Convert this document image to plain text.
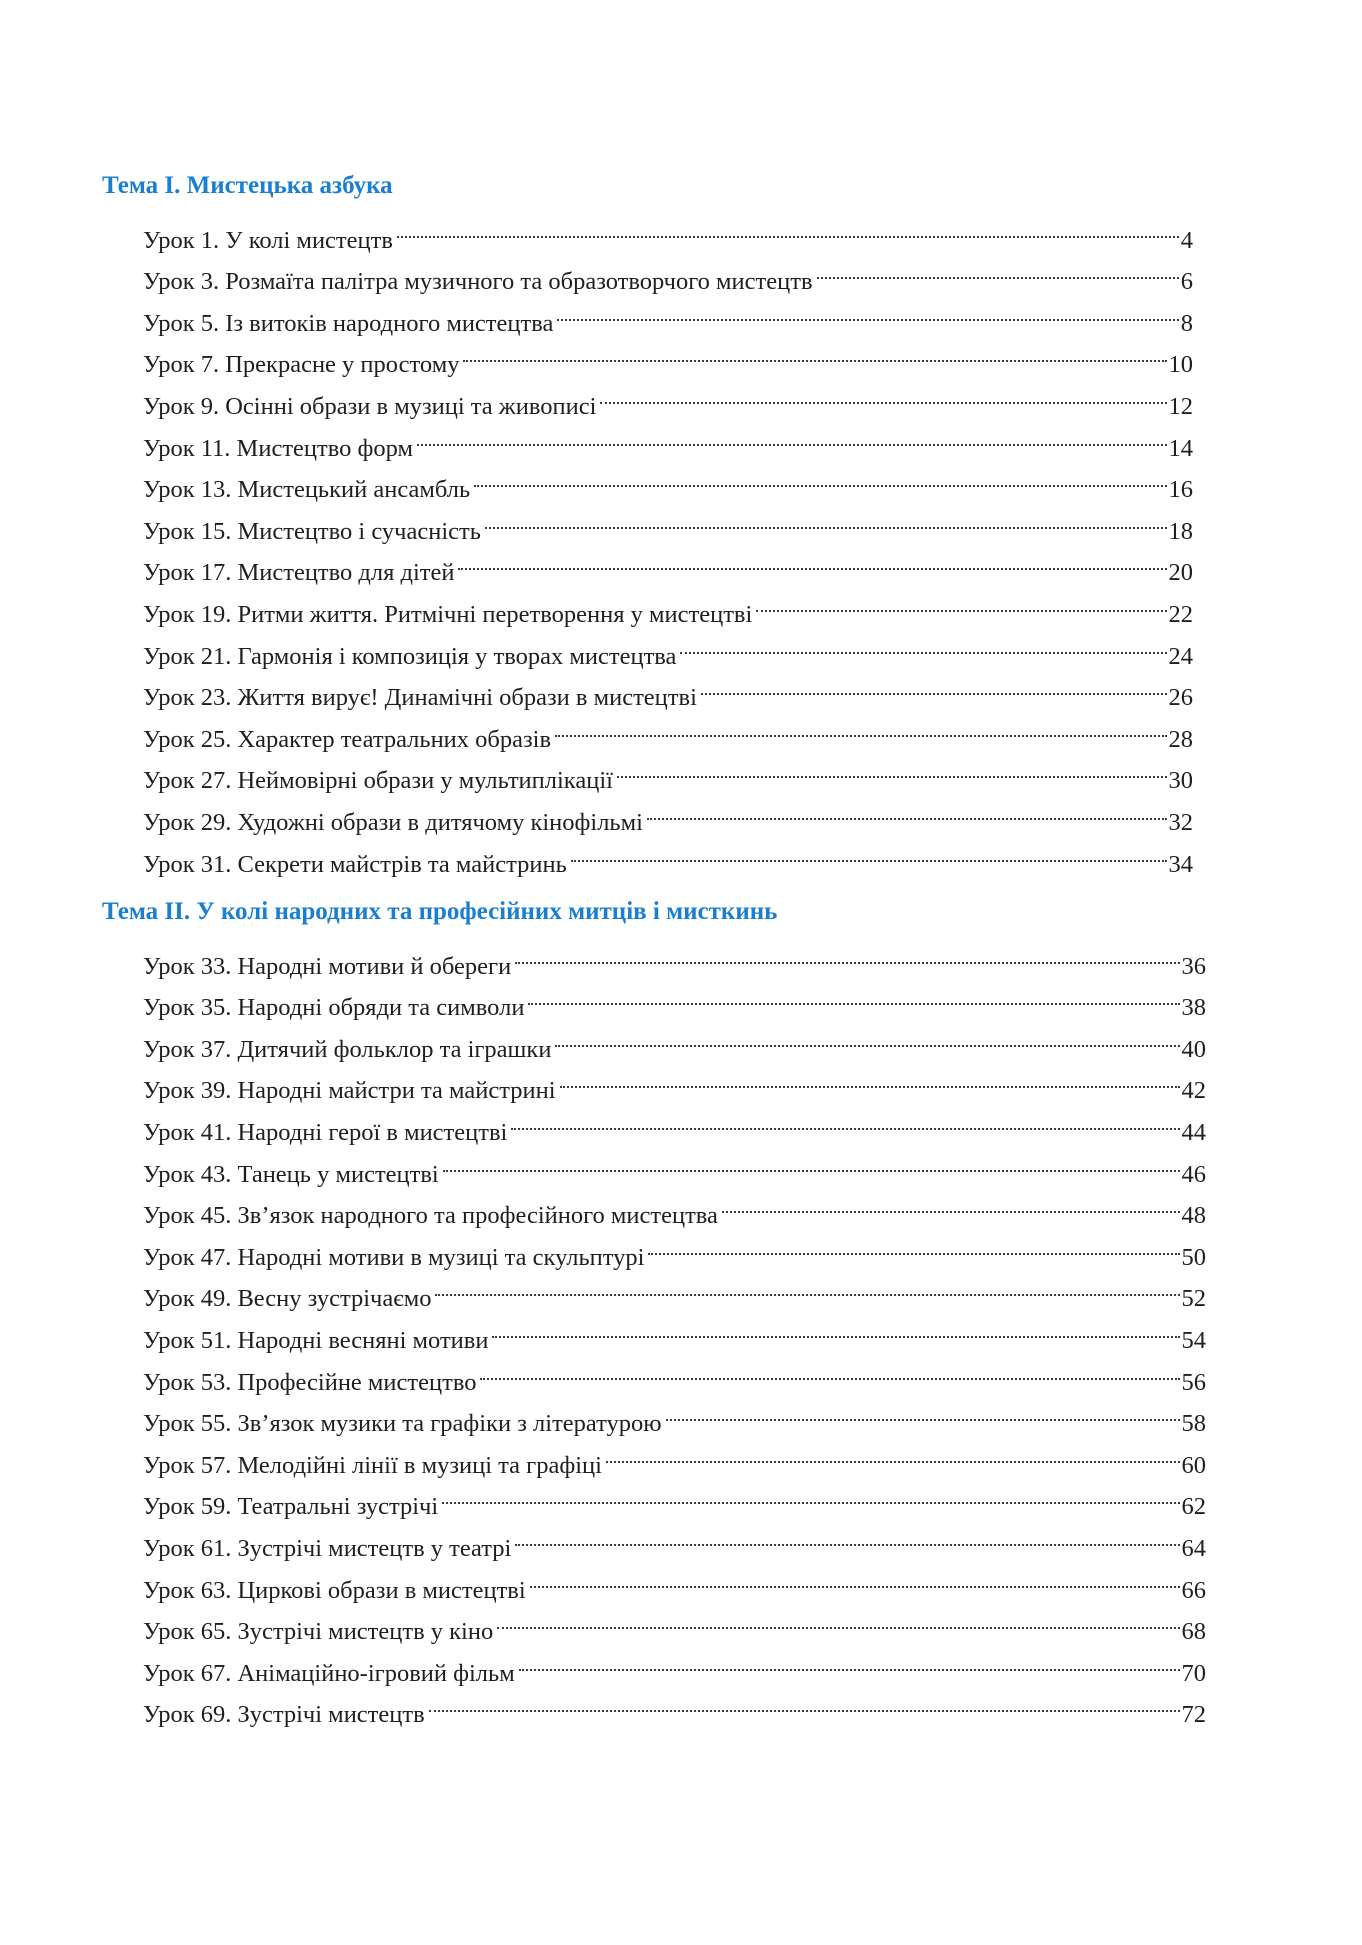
Тема І. Мистецька азбука
Урок 1. У колі мистецтв	4
Урок 3. Розмаїта палітра музичного та образотворчого мистецтв	6
Урок 5. Із витоків народного мистецтва	8
Урок 7. Прекрасне у простому	10
Урок 9. Осінні образи в музиці та живописі	12
Урок 11. Мистецтво форм	14
Урок 13. Мистецький ансамбль	16
Урок 15. Мистецтво і сучасність	18
Урок 17. Мистецтво для дітей	20
Урок 19. Ритми життя. Ритмічні перетворення у мистецтві	22
Урок 21. Гармонія і композиція у творах мистецтва	24
Урок 23. Життя вирує! Динамічні образи в мистецтві	26
Урок 25. Характер театральних образів	28
Урок 27. Неймовірні образи у мультиплікації	30
Урок 29. Художні образи в дитячому кінофільмі	32
Урок 31. Секрети майстрів та майстринь	34
Тема ІІ. У колі народних та професійних митців і мисткинь
Урок 33. Народні мотиви й обереги	36
Урок 35. Народні обряди та символи	38
Урок 37. Дитячий фольклор та іграшки	40
Урок 39. Народні майстри та майстрині	42
Урок 41. Народні герої в мистецтві	44
Урок 43. Танець у мистецтві	46
Урок 45. Зв’язок народного та професійного мистецтва	48
Урок 47. Народні мотиви в музиці та скульптурі	50
Урок 49. Весну зустрічаємо	52
Урок 51. Народні весняні мотиви	54
Урок 53. Професійне мистецтво	56
Урок 55. Зв’язок музики та графіки з літературою	58
Урок 57. Мелодійні лінії в музиці та графіці	60
Урок 59. Театральні зустрічі	62
Урок 61. Зустрічі мистецтв у театрі	64
Урок 63. Циркові образи в мистецтві	66
Урок 65. Зустрічі мистецтв у кіно	68
Урок 67. Анімаційно-ігровий фільм	70
Урок 69. Зустрічі мистецтв	72
